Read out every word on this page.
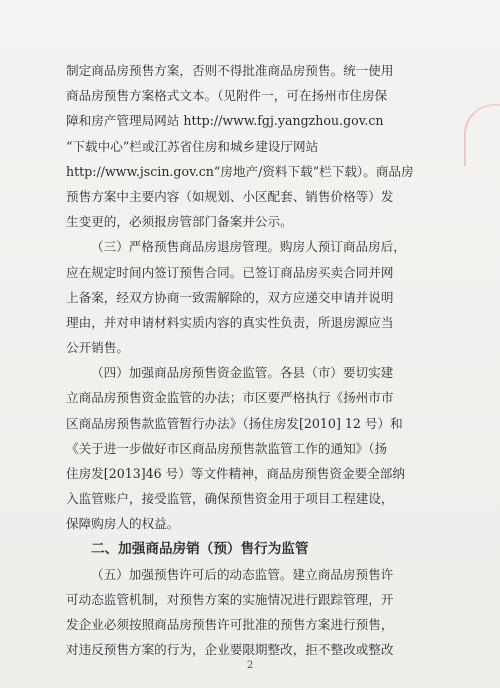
制定商品房预售方案，否则不得批准商品房预售。统一使用
商品房预售方案格式文本。（见附件一，可在扬州市住房保
障和房产管理局网站 http://www.fgj.yangzhou.gov.cn
“下载中心”栏或江苏省住房和城乡建设厅网站
http://www.jscin.gov.cn“房地产/资料下载”栏下载）。商品房
预售方案中主要内容（如规划、小区配套、销售价格等）发
生变更的，必须报房管部门备案并公示。
（三）严格预售商品房退房管理。购房人预订商品房后，
应在规定时间内签订预售合同。已签订商品房买卖合同并网
上备案，经双方协商一致需解除的，双方应递交申请并说明
理由，并对申请材料实质内容的真实性负责，所退房源应当
公开销售。
（四）加强商品房预售资金监管。各县（市）要切实建
立商品房预售资金监管的办法；市区要严格执行《扬州市市
区商品房预售款监管暂行办法》（扬住房发[2010] 12 号）和
《关于进一步做好市区商品房预售款监管工作的通知》（扬
住房发[2013]46 号）等文件精神，商品房预售资金要全部纳
入监管账户，接受监管，确保预售资金用于项目工程建设，
保障购房人的权益。
二、加强商品房销（预）售行为监管
（五）加强预售许可后的动态监管。建立商品房预售许
可动态监管机制，对预售方案的实施情况进行跟踪管理，开
发企业必须按照商品房预售许可批准的预售方案进行预售，
对违反预售方案的行为，企业要限期整改，拒不整改或整改
2
